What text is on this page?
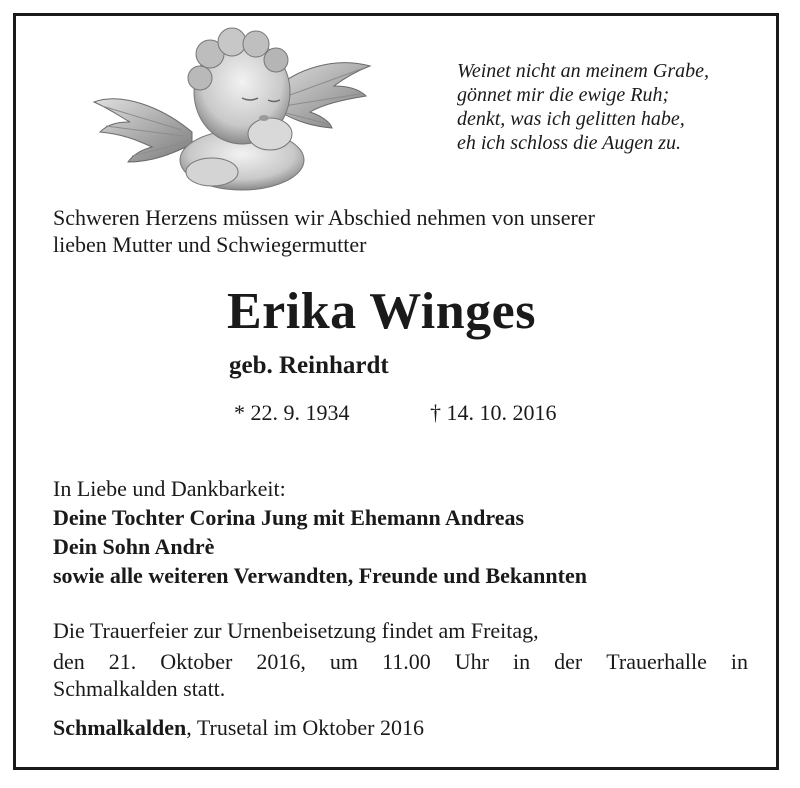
Weinet nicht an meinem Grabe,
gönnet mir die ewige Ruh;
denkt, was ich gelitten habe,
eh ich schloss die Augen zu.
Schweren Herzens müssen wir Abschied nehmen von unserer
lieben Mutter und Schwiegermutter
Erika Winges
geb. Reinhardt
* 22. 9. 1934	† 14. 10. 2016
In Liebe und Dankbarkeit:
Deine Tochter Corina Jung mit Ehemann Andreas
Dein Sohn Andrè
sowie alle weiteren Verwandten, Freunde und Bekannten
Die Trauerfeier zur Urnenbeisetzung findet am Freitag,
den 21. Oktober 2016, um 11.00 Uhr in der Trauerhalle in
Schmalkalden statt.
Schmalkalden, Trusetal im Oktober 2016
